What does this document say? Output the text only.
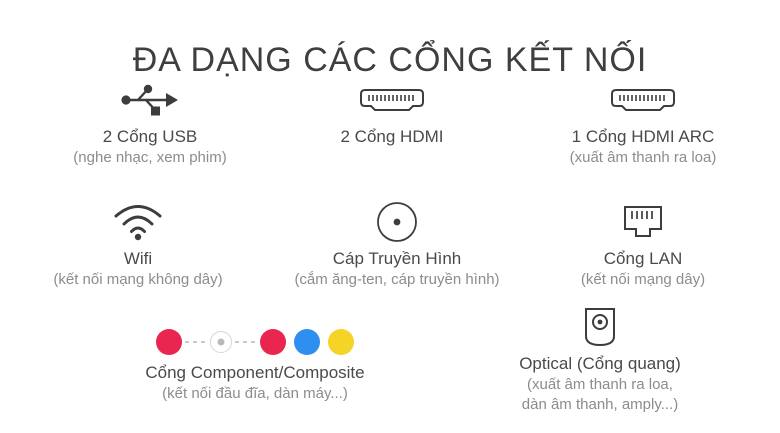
ĐA DẠNG CÁC CỔNG KẾT NỐI
2 Cổng USB
(nghe nhạc, xem phim)
2 Cổng HDMI	1 Cổng HDMI ARC
(xuất âm thanh ra loa)
Wifi
(kết nối mạng không dây)
Cáp Truyền Hình
(cắm ăng-ten, cáp truyền hình)
Cổng LAN
(kết nối mạng dây)
Cổng Component/Composite
(kết nối đầu đĩa, dàn máy...)
Optical (Cổng quang)
(xuất âm thanh ra loa,
dàn âm thanh, amply...)
